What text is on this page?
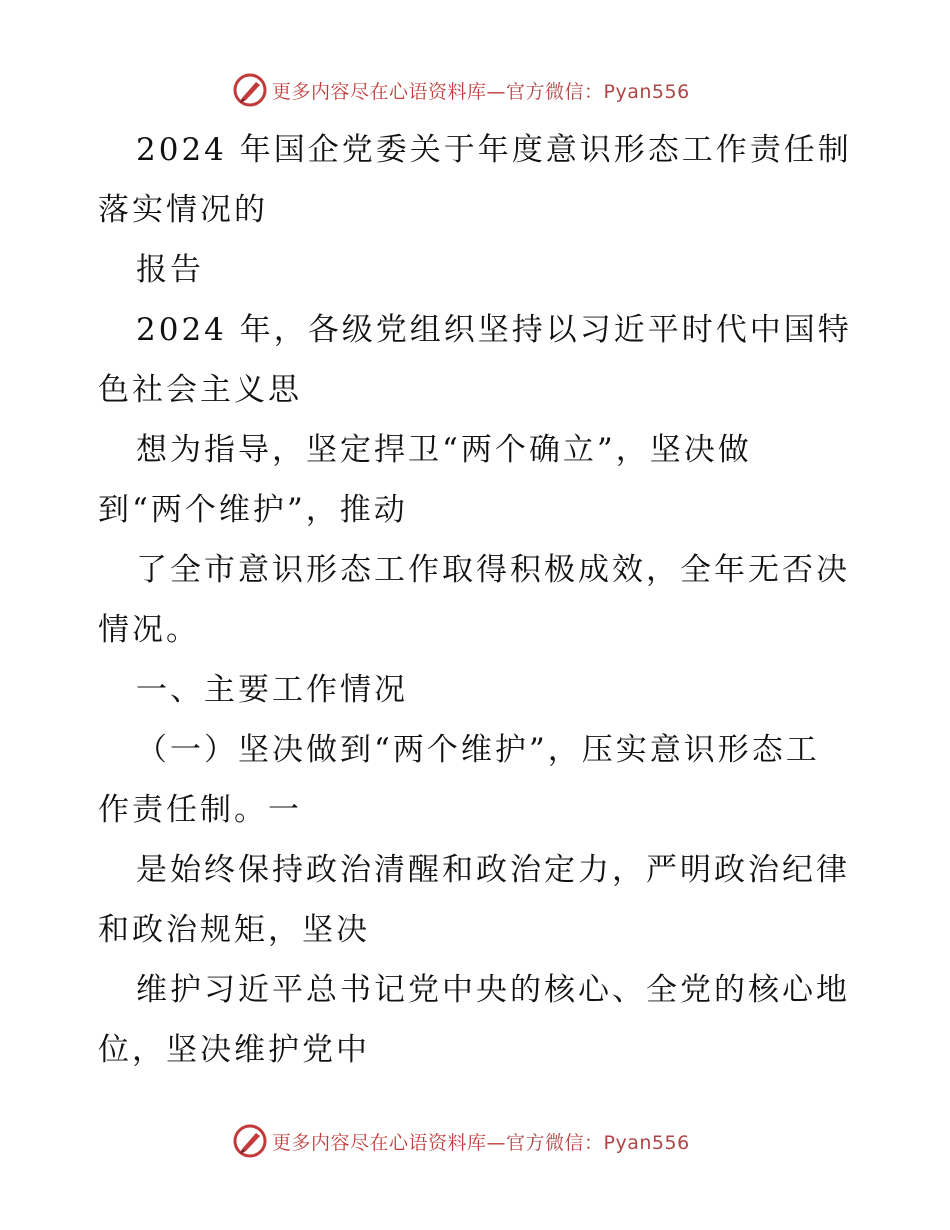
更多内容尽在心语资料库— 官方微信：Pyan556
2024 年国企党委关于年度意识形态工作责任制
落实情况的
报告
2024 年，各级党组织坚持以习近平时代中国特
色社会主义思
想为指导，坚定捍卫“两个确立”，坚决做
到“两个维护”，推动
了全市意识形态工作取得积极成效，全年无否决
情况。
一、主要工作情况
（一）坚决做到“两个维护”，压实意识形态工
作责任制。一
是始终保持政治清醒和政治定力，严明政治纪律
和政治规矩，坚决
维护习近平总书记党中央的核心、全党的核心地
位，坚决维护党中
更多内容尽在心语资料库— 官方微信：Pyan556
